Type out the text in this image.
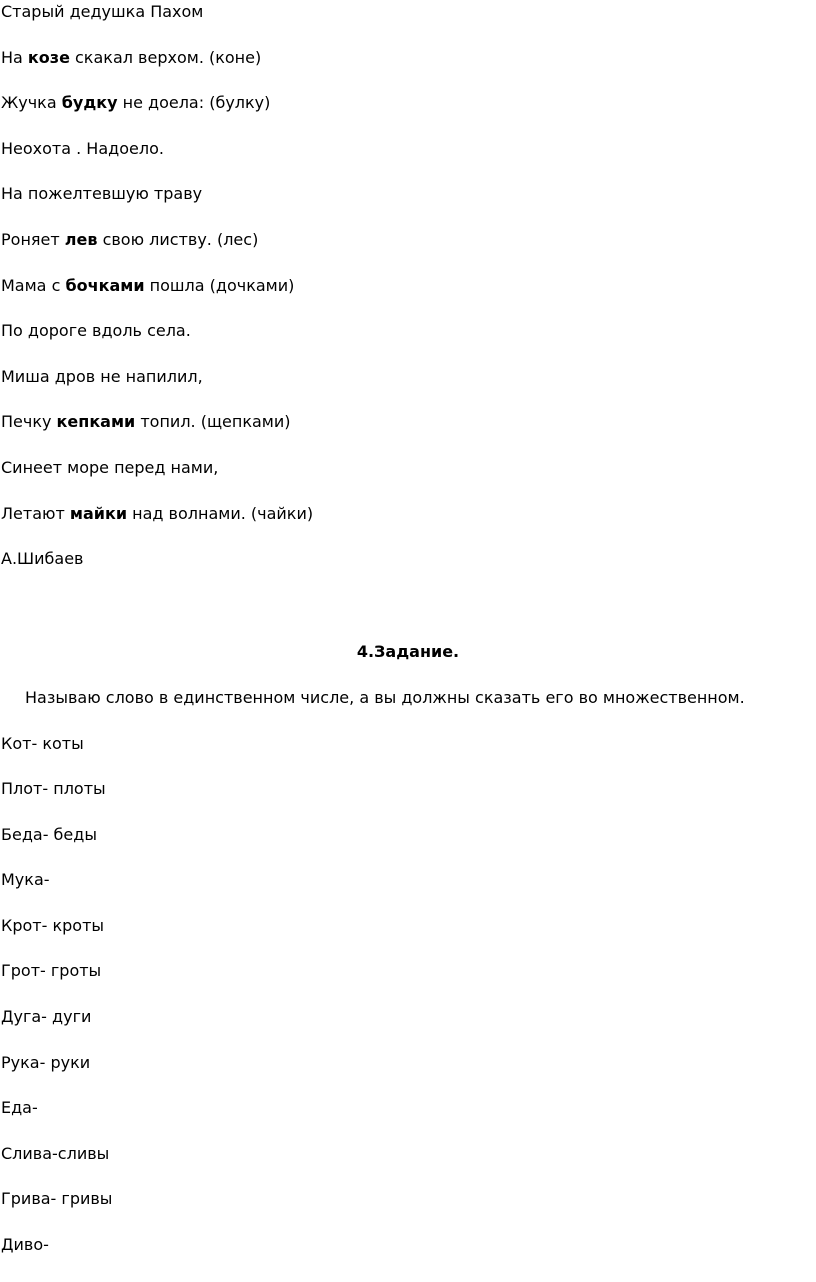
Старый дедушка Пахом
На козе скакал верхом. (коне)
Жучка будку не доела: (булку)
Неохота . Надоело.
На пожелтевшую траву
Роняет лев свою листву. (лес)
Мама с бочками пошла (дочками)
По дороге вдоль села.
Миша дров не напилил,
Печку кепками топил. (щепками)
Синеет море перед нами,
Летают майки над волнами. (чайки)
А.Шибаев
4.Задание.
Называю слово в единственном числе, а вы должны сказать его во множественном.
Кот- коты
Плот- плоты
Беда- беды
Мука-
Крот- кроты
Грот- гроты
Дуга- дуги
Рука- руки
Еда-
Слива-сливы
Грива- гривы
Диво-
